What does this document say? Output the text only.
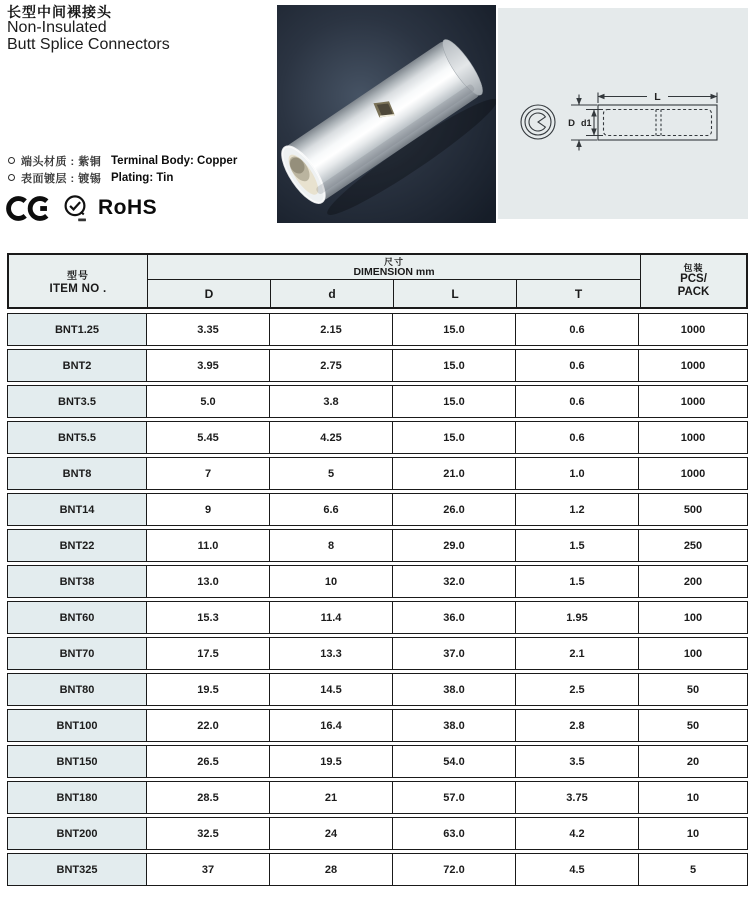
长型中间裸接头
Non-Insulated
Butt Splice Connectors
端头材质 : 紫铜 Terminal Body: Copper
表面镀层 : 镀锡 Plating: Tin
RoHS
L
D d1
型号
ITEM NO .
尺寸
DIMENSION mm
D	d	L	T
包装
PCS/
PACK
BNT1.25	3.35	2.15	15.0	0.6	1000
BNT2	3.95	2.75	15.0	0.6	1000
BNT3.5	5.0	3.8	15.0	0.6	1000
BNT5.5	5.45	4.25	15.0	0.6	1000
BNT8	7	5	21.0	1.0	1000
BNT14	9	6.6	26.0	1.2	500
BNT22	11.0	8	29.0	1.5	250
BNT38	13.0	10	32.0	1.5	200
BNT60	15.3	11.4	36.0	1.95	100
BNT70	17.5	13.3	37.0	2.1	100
BNT80	19.5	14.5	38.0	2.5	50
BNT100	22.0	16.4	38.0	2.8	50
BNT150	26.5	19.5	54.0	3.5	20
BNT180	28.5	21	57.0	3.75	10
BNT200	32.5	24	63.0	4.2	10
BNT325	37	28	72.0	4.5	5
